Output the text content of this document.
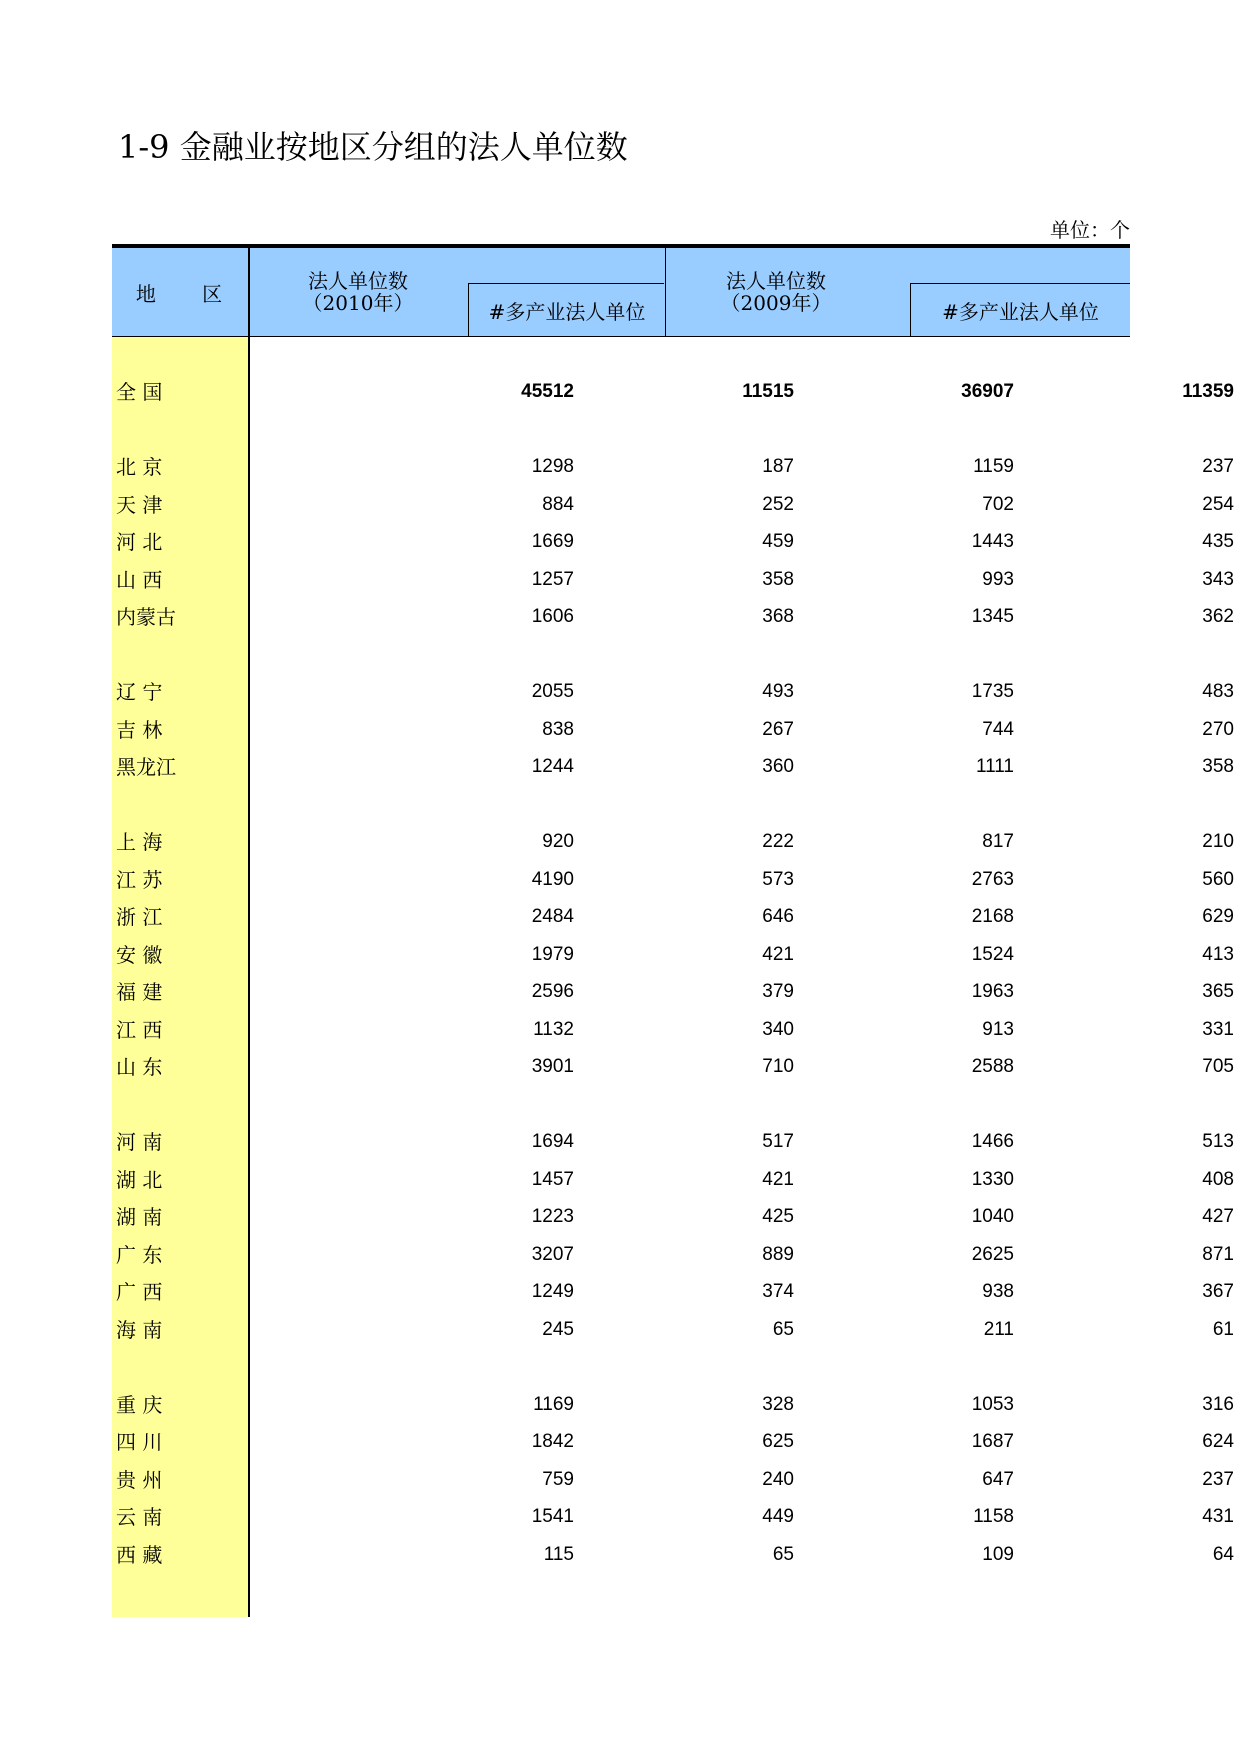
1-9 金融业按地区分组的法人单位数
单位：个
地 区
法人单位数
（2010年）	#多产业法人单位
法人单位数
（2009年）	#多产业法人单位
全 国	45512	11515	36907	11359
北 京	1298	187	1159	237
天 津	884	252	702	254
河 北	1669	459	1443	435
山 西	1257	358	993	343
内蒙古	1606	368	1345	362
辽 宁	2055	493	1735	483
吉 林	838	267	744	270
黑龙江	1244	360	1111	358
上 海	920	222	817	210
江 苏	4190	573	2763	560
浙 江	2484	646	2168	629
安 徽	1979	421	1524	413
福 建	2596	379	1963	365
江 西	1132	340	913	331
山 东	3901	710	2588	705
河 南	1694	517	1466	513
湖 北	1457	421	1330	408
湖 南	1223	425	1040	427
广 东	3207	889	2625	871
广 西	1249	374	938	367
海 南	245	65	211	61
重 庆	1169	328	1053	316
四 川	1842	625	1687	624
贵 州	759	240	647	237
云 南	1541	449	1158	431
西 藏	115	65	109	64
